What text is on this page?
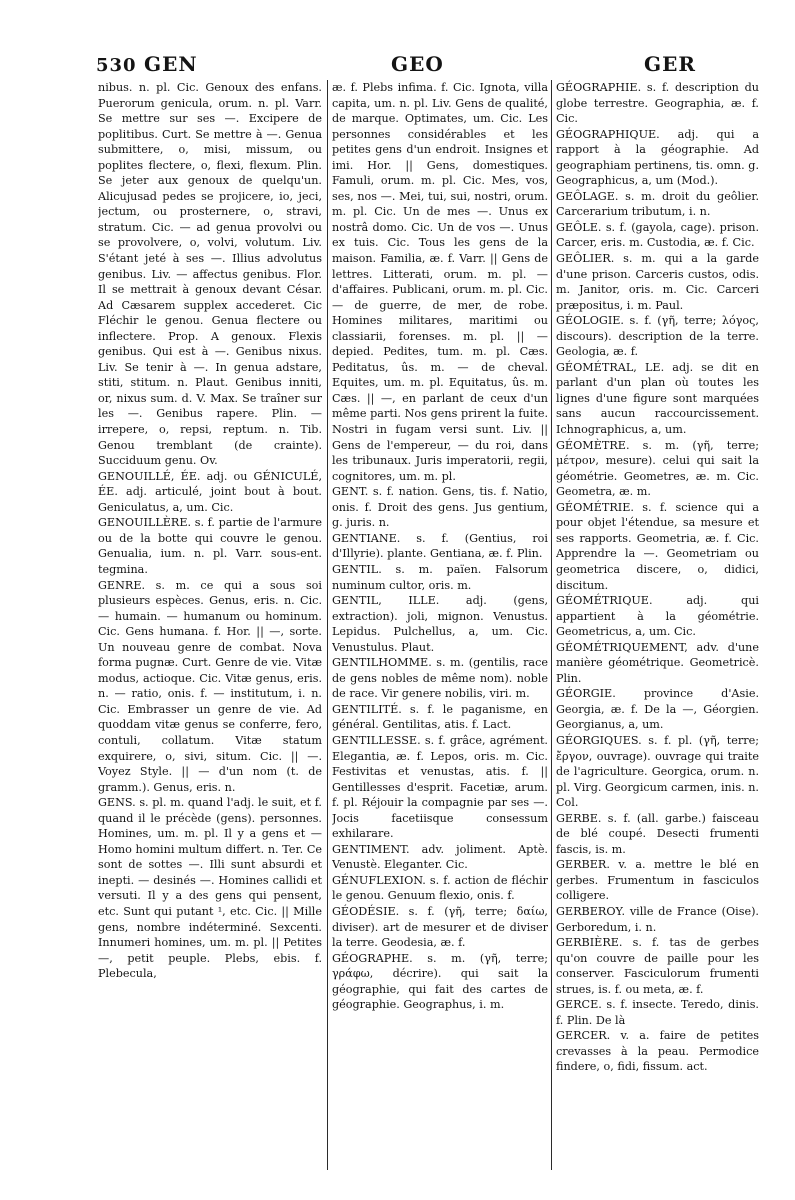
530 GEN	GEO	GER

nibus. n. pl. Cic. Genoux des enfans. Puerorum genicula, orum. n. pl. Varr. Se mettre sur ses —. Excipere de poplitibus. Curt. Se mettre à —. Genua submittere, o, misi, missum, ou poplites flectere, o, flexi, flexum. Plin. Se jeter aux genoux de quelqu'un. Alicujusad pedes se projicere, io, jeci, jectum, ou prosternere, o, stravi, stratum. Cic. — ad genua provolvi ou se provolvere, o, volvi, volutum. Liv. S'étant jeté à ses —. Illius advolutus genibus. Liv. — affectus genibus. Flor. Il se mettrait à genoux devant César. Ad Cæsarem supplex accederet. Cic Fléchir le genou. Genua flectere ou inflectere. Prop. A genoux. Flexis genibus. Qui est à —. Genibus nixus. Liv. Se tenir à —. In genua adstare, stiti, stitum. n. Plaut. Genibus inniti, or, nixus sum. d. V. Max. Se traîner sur les —. Genibus rapere. Plin. — irrepere, o, repsi, reptum. n. Tib. Genou tremblant (de crainte). Succiduum genu. Ov.

GENOUILLÉ, ÉE. adj. ou GÉNICULÉ, ÉE. adj. articulé, joint bout à bout. Geniculatus, a, um. Cic.

GENOUILLÈRE. s. f. partie de l'armure ou de la botte qui couvre le genou. Genualia, ium. n. pl. Varr. sous-ent. tegmina.

GENRE. s. m. ce qui a sous soi plusieurs espèces. Genus, eris. n. Cic. — humain. — humanum ou hominum. Cic. Gens humana. f. Hor. || —, sorte. Un nouveau genre de combat. Nova forma pugnæ. Curt. Genre de vie. Vitæ modus, actioque. Cic. Vitæ genus, eris. n. — ratio, onis. f. — institutum, i. n. Cic. Embrasser un genre de vie. Ad quoddam vitæ genus se conferre, fero, contuli, collatum. Vitæ statum exquirere, o, sivi, situm. Cic. || —. Voyez Style. || — d'un nom (t. de gramm.). Genus, eris. n.

GENS. s. pl. m. quand l'adj. le suit, et f. quand il le précède (gens). personnes. Homines, um. m. pl. Il y a gens et — Homo homini multum differt. n. Ter. Ce sont de sottes —. Illi sunt absurdi et inepti. — desinés —. Homines callidi et versuti. Il y a des gens qui pensent, etc. Sunt qui putant ¹, etc. Cic. || Mille gens, nombre indéterminé. Sexcenti. Innumeri homines, um. m. pl. || Petites —, petit peuple. Plebs, ebis. f. Plebecula,

æ. f. Plebs infima. f. Cic. Ignota, villa capita, um. n. pl. Liv. Gens de qualité, de marque. Optimates, um. Cic. Les personnes considérables et les petites gens d'un endroit. Insignes et imi. Hor. || Gens, domestiques. Famuli, orum. m. pl. Cic. Mes, vos, ses, nos —. Mei, tui, sui, nostri, orum. m. pl. Cic. Un de mes —. Unus ex nostrâ domo. Cic. Un de vos —. Unus ex tuis. Cic. Tous les gens de la maison. Familia, æ. f. Varr. || Gens de lettres. Litterati, orum. m. pl. — d'affaires. Publicani, orum. m. pl. Cic. — de guerre, de mer, de robe. Homines militares, maritimi ou classiarii, forenses. m. pl. || — depied. Pedites, tum. m. pl. Cæs. Peditatus, ûs. m. — de cheval. Equites, um. m. pl. Equitatus, ûs. m. Cæs. || —, en parlant de ceux d'un même parti. Nos gens prirent la fuite. Nostri in fugam versi sunt. Liv. || Gens de l'empereur, — du roi, dans les tribunaux. Juris imperatorii, regii, cognitores, um. m. pl.

GENT. s. f. nation. Gens, tis. f. Natio, onis. f. Droit des gens. Jus gentium, g. juris. n.

GENTIANE. s. f. (Gentius, roi d'Illyrie). plante. Gentiana, æ. f. Plin.

GENTIL. s. m. païen. Falsorum numinum cultor, oris. m.

GENTIL, ILLE. adj. (gens, extraction). joli, mignon. Venustus. Lepidus. Pulchellus, a, um. Cic. Venustulus. Plaut.

GENTILHOMME. s. m. (gentilis, race de gens nobles de même nom). noble de race. Vir genere nobilis, viri. m.

GENTILITÉ. s. f. le paganisme, en général. Gentilitas, atis. f. Lact.

GENTILLESSE. s. f. grâce, agrément. Elegantia, æ. f. Lepos, oris. m. Cic. Festivitas et venustas, atis. f. || Gentillesses d'esprit. Facetiæ, arum. f. pl. Réjouir la compagnie par ses —. Jocis facetiisque consessum exhilarare.

GENTIMENT. adv. joliment. Aptè. Venustè. Eleganter. Cic.

GÉNUFLEXION. s. f. action de fléchir le genou. Genuum flexio, onis. f.

GÉODÉSIE. s. f. (γῆ, terre; δαίω, diviser). art de mesurer et de diviser la terre. Geodesia, æ. f.

GÉOGRAPHE. s. m. (γῆ, terre; γράφω, décrire). qui sait la géographie, qui fait des cartes de géographie. Geographus, i. m.

GÉOGRAPHIE. s. f. description du globe terrestre. Geographia, æ. f. Cic.

GÉOGRAPHIQUE. adj. qui a rapport à la géographie. Ad geographiam pertinens, tis. omn. g. Geographicus, a, um (Mod.).

GEÔLAGE. s. m. droit du geôlier. Carcerarium tributum, i. n.

GEÔLE. s. f. (gayola, cage). prison. Carcer, eris. m. Custodia, æ. f. Cic.

GEÔLIER. s. m. qui a la garde d'une prison. Carceris custos, odis. m. Janitor, oris. m. Cic. Carceri præpositus, i. m. Paul.

GÉOLOGIE. s. f. (γῆ, terre; λόγος, discours). description de la terre. Geologia, æ. f.

GÉOMÉTRAL, LE. adj. se dit en parlant d'un plan où toutes les lignes d'une figure sont marquées sans aucun raccourcissement. Ichnographicus, a, um.

GÉOMÈTRE. s. m. (γῆ, terre; μέτρον, mesure). celui qui sait la géométrie. Geometres, æ. m. Cic. Geometra, æ. m.

GÉOMÉTRIE. s. f. science qui a pour objet l'étendue, sa mesure et ses rapports. Geometria, æ. f. Cic. Apprendre la —. Geometriam ou geometrica discere, o, didici, discitum.

GÉOMÉTRIQUE. adj. qui appartient à la géométrie. Geometricus, a, um. Cic.

GÉOMÉTRIQUEMENT, adv. d'une manière géométrique. Geometricè. Plin.

GÉORGIE. province d'Asie. Georgia, æ. f. De la —, Géorgien. Georgianus, a, um.

GÉORGIQUES. s. f. pl. (γῆ, terre; ἔργον, ouvrage). ouvrage qui traite de l'agriculture. Georgica, orum. n. pl. Virg. Georgicum carmen, inis. n. Col.

GERBE. s. f. (all. garbe.) faisceau de blé coupé. Desecti frumenti fascis, is. m.

GERBER. v. a. mettre le blé en gerbes. Frumentum in fasciculos colligere.

GERBEROY. ville de France (Oise). Gerboredum, i. n.

GERBIÈRE. s. f. tas de gerbes qu'on couvre de paille pour les conserver. Fasciculorum frumenti strues, is. f. ou meta, æ. f.

GERCE. s. f. insecte. Teredo, dinis. f. Plin. De là

GERCER. v. a. faire de petites crevasses à la peau. Permodice findere, o, fidi, fissum. act.
